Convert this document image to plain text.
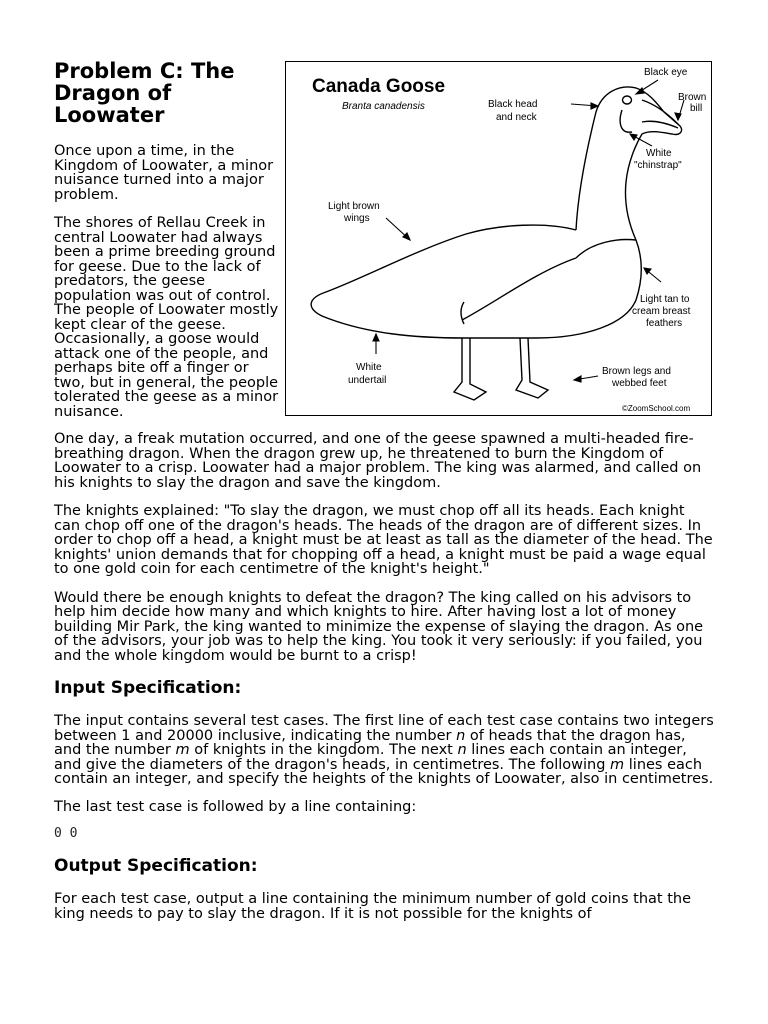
Problem C: The Dragon of Loowater

Once upon a time, in the Kingdom of Loowater, a minor nuisance turned into a major problem.

The shores of Rellau Creek in central Loowater had always been a prime breeding ground for geese. Due to the lack of predators, the geese population was out of control. The people of Loowater mostly kept clear of the geese. Occasionally, a goose would attack one of the people, and perhaps bite off a finger or two, but in general, the people tolerated the geese as a minor nuisance.

Canada Goose
Branta canadensis
Black eye
Brown
bill
Black head
and neck
White
"chinstrap"
Light brown
wings
Light tan to
cream breast
feathers
White
undertail
Brown legs and
webbed feet
©ZoomSchool.com

One day, a freak mutation occurred, and one of the geese spawned a multi-headed fire-breathing dragon. When the dragon grew up, he threatened to burn the Kingdom of Loowater to a crisp. Loowater had a major problem. The king was alarmed, and called on his knights to slay the dragon and save the kingdom.

The knights explained: "To slay the dragon, we must chop off all its heads. Each knight can chop off one of the dragon's heads. The heads of the dragon are of different sizes. In order to chop off a head, a knight must be at least as tall as the diameter of the head. The knights' union demands that for chopping off a head, a knight must be paid a wage equal to one gold coin for each centimetre of the knight's height."

Would there be enough knights to defeat the dragon? The king called on his advisors to help him decide how many and which knights to hire. After having lost a lot of money building Mir Park, the king wanted to minimize the expense of slaying the dragon. As one of the advisors, your job was to help the king. You took it very seriously: if you failed, you and the whole kingdom would be burnt to a crisp!

Input Specification:

The input contains several test cases. The first line of each test case contains two integers between 1 and 20000 inclusive, indicating the number n of heads that the dragon has, and the number m of knights in the kingdom. The next n lines each contain an integer, and give the diameters of the dragon's heads, in centimetres. The following m lines each contain an integer, and specify the heights of the knights of Loowater, also in centimetres.

The last test case is followed by a line containing:

0 0
Output Specification:

For each test case, output a line containing the minimum number of gold coins that the king needs to pay to slay the dragon. If it is not possible for the knights of
